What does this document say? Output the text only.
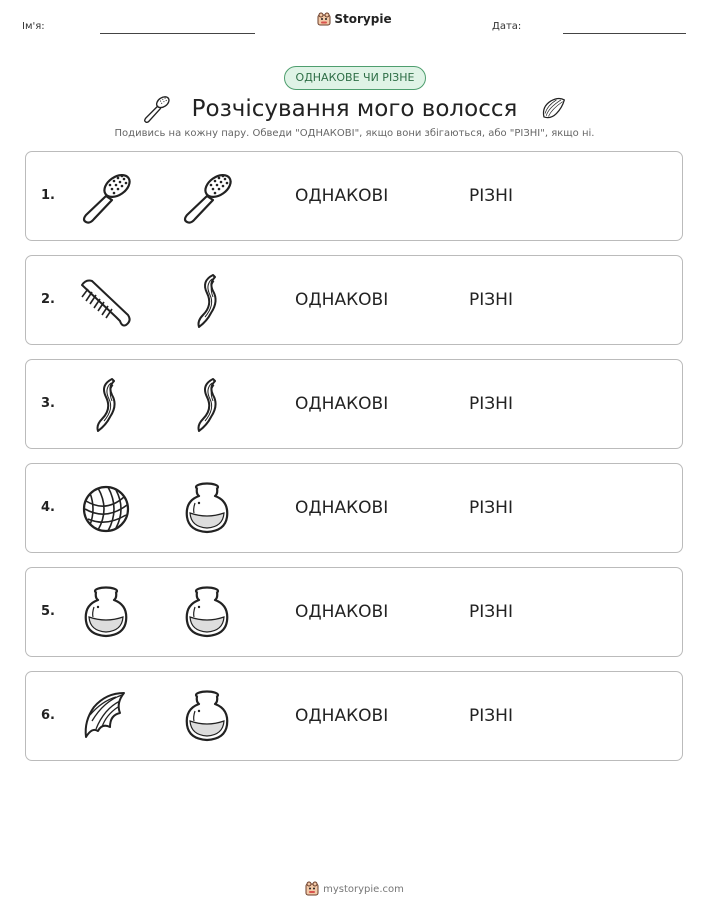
Ім'я:
Storypie
Дата:
ОДНАКОВЕ ЧИ РІЗНЕ
Розчісування мого волосся
Подивись на кожну пару. Обведи "ОДНАКОВІ", якщо вони збігаються, або "РІЗНІ", якщо ні.
1.	ОДНАКОВІ	РІЗНІ
2.	ОДНАКОВІ	РІЗНІ
3.	ОДНАКОВІ	РІЗНІ
4.	ОДНАКОВІ	РІЗНІ
5.	ОДНАКОВІ	РІЗНІ
6.	ОДНАКОВІ	РІЗНІ
mystorypie.com
